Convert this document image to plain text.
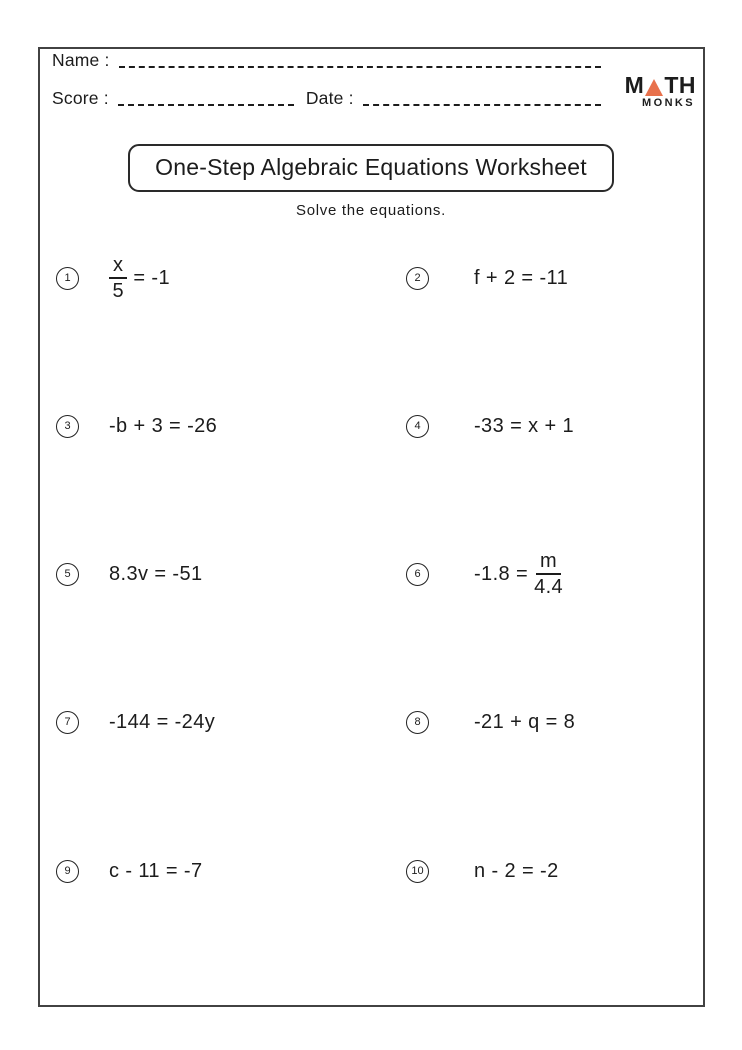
Name :
Score :	Date :	M TH
MONKS
One-Step Algebraic Equations Worksheet
Solve the equations.
1	$\frac{x}{5} = -1$	2	f + 2 = -11
3	-b + 3 = -26	4	-33 = x + 1
5	8.3v = -51	6	$-1.8 = \frac{m}{4.4}$
7	-144 = -24y	8	-21 + q = 8
9	c - 11 = -7	10	n - 2 = -2
